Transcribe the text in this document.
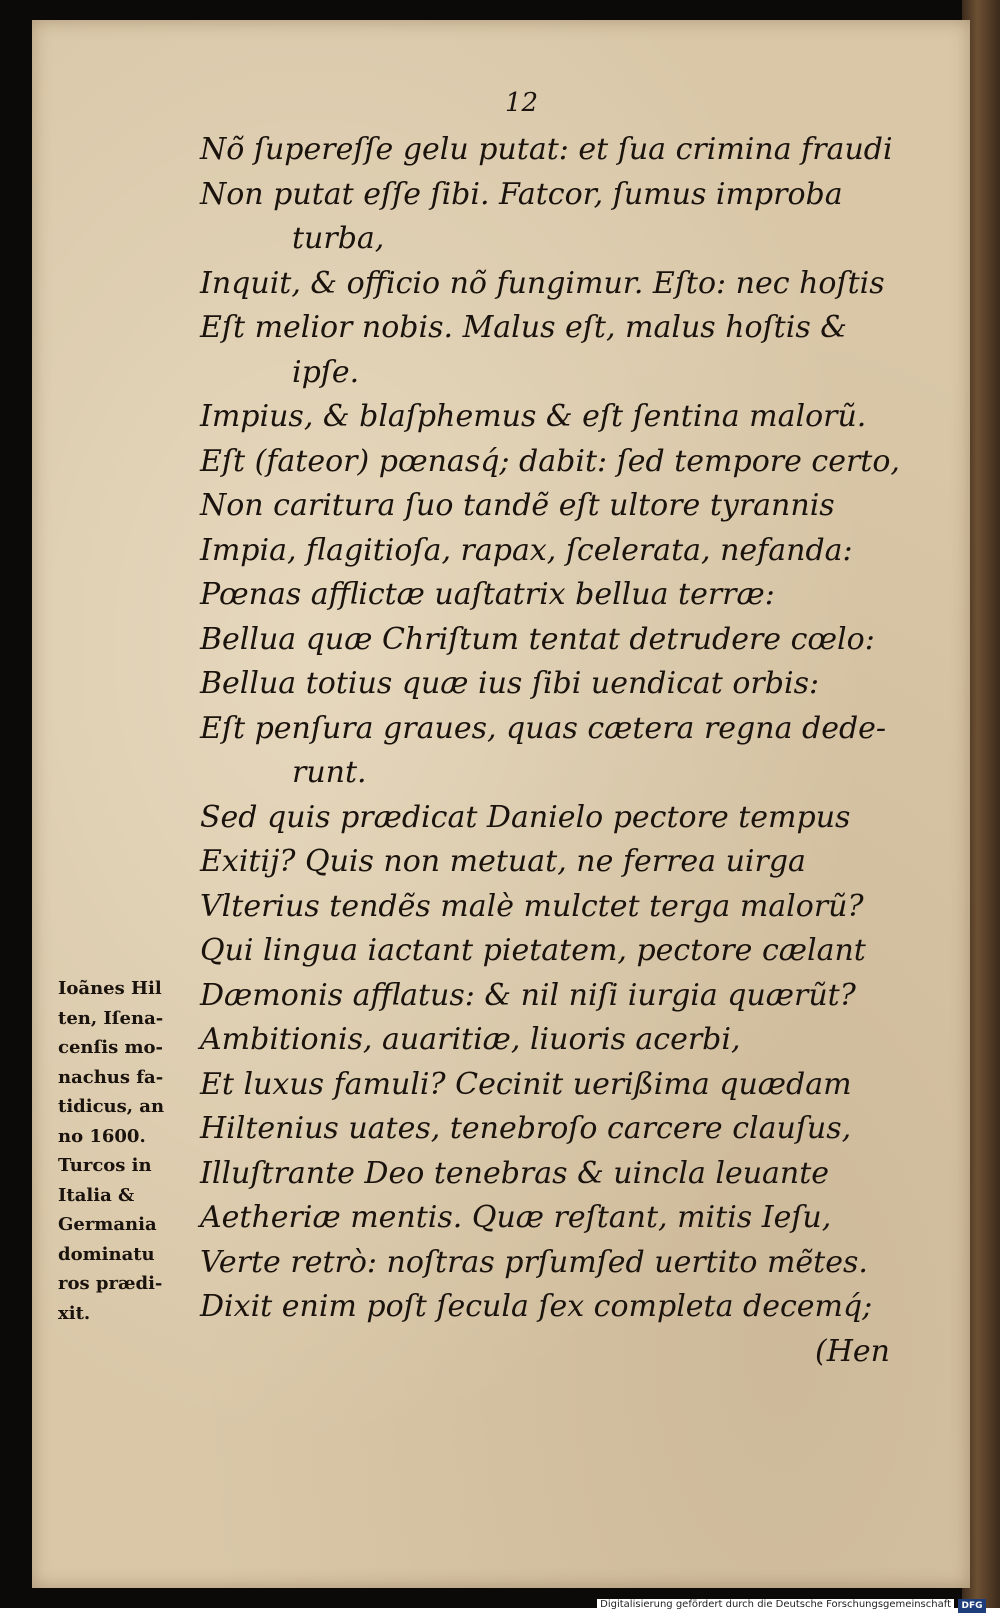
12
Nõ ſupereſſe gelu putat: et ſua crimina fraudi
Non putat eſſe ſibi. Fatcor, ſumus improba
turba,
Inquit, & officio nõ fungimur. Eſto: nec hoſtis
Eſt melior nobis. Malus eſt, malus hoſtis &
ipſe.
Impius, & blaſphemus & eſt ſentina malorũ.
Eſt (fateor) pœnasq́; dabit: ſed tempore certo,
Non caritura ſuo tandẽ eſt ultore tyrannis
Impia, flagitioſa, rapax, ſcelerata, nefanda:
Pœnas afflictæ uaſtatrix bellua terræ:
Bellua quæ Chriſtum tentat detrudere cœlo:
Bellua totius quæ ius ſibi uendicat orbis:
Eſt penſura graues, quas cætera regna dede-
runt.
Sed quis prædicat Danielo pectore tempus
Exitij? Quis non metuat, ne ferrea uirga
Vlterius tendẽs malè mulctet terga malorũ?
Qui lingua iactant pietatem, pectore cælant
Dæmonis afflatus: & nil niſi iurgia quærũt?
Ambitionis, auaritiæ, liuoris acerbi,
Et luxus famuli? Cecinit uerißima quædam
Hiltenius uates, tenebroſo carcere clauſus,
Illuſtrante Deo tenebras & uincla leuante
Aetheriæ mentis. Quæ reſtant, mitis Ieſu,
Verte retrò: noſtras prſumſed uertito mẽtes.
Dixit enim poſt ſecula ſex completa decemq́;
(Hen
Ioãnes Hil
ten, Iſena-
cenſis mo-
nachus fa-
tidicus, an
no 1600.
Turcos in
Italia &
Germania
dominatu
ros prædi-
xit.
Digitalisierung gefördert durch die Deutsche Forschungsgemeinschaft	DFG
